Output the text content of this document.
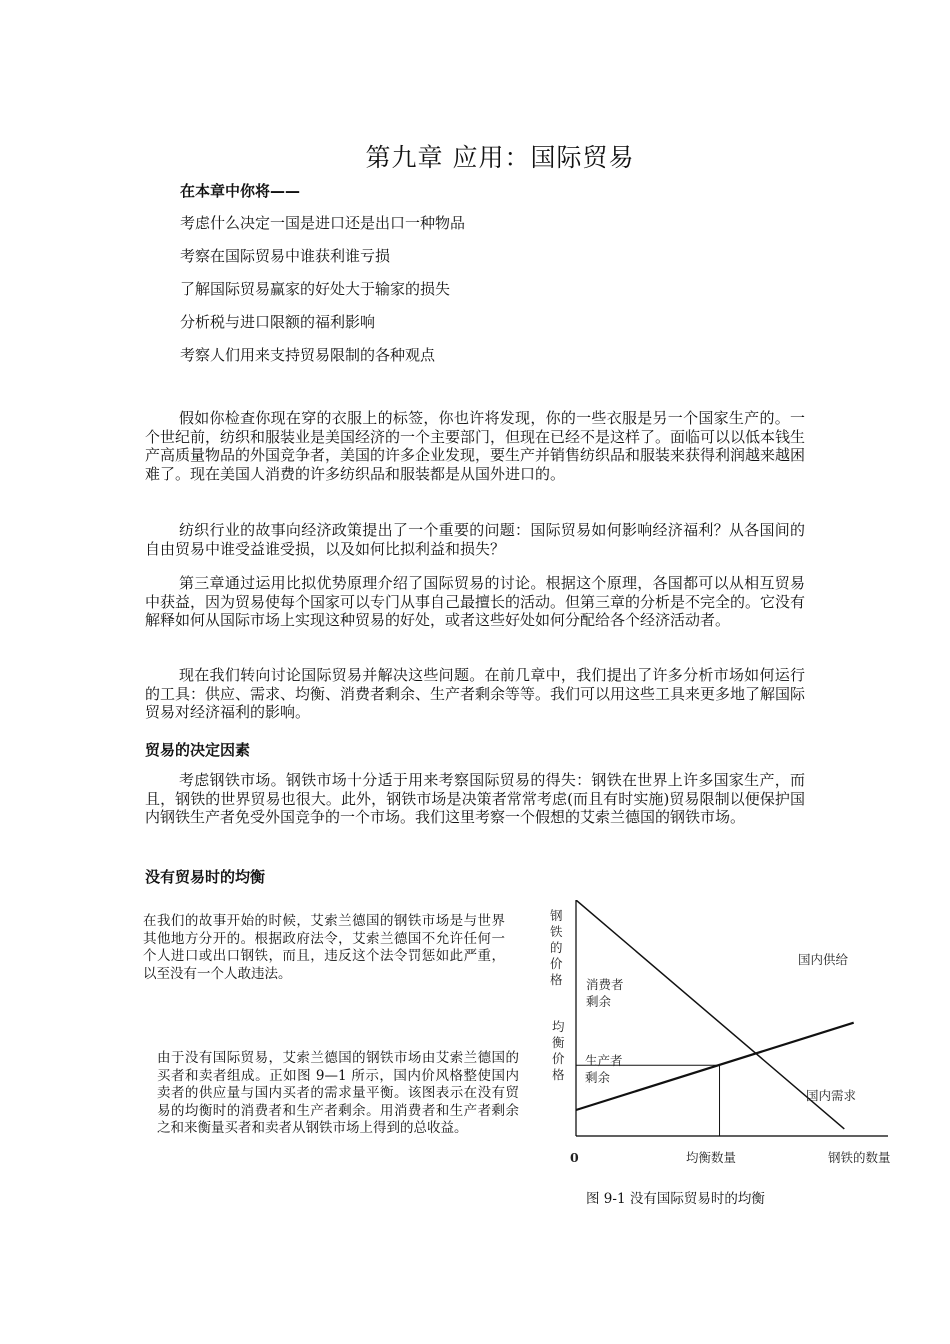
第九章 应用：国际贸易
在本章中你将——
考虑什么决定一国是进口还是出口一种物品
考察在国际贸易中谁获利谁亏损
了解国际贸易赢家的好处大于输家的损失
分析税与进口限额的福利影响
考察人们用来支持贸易限制的各种观点

假如你检查你现在穿的衣服上的标签，你也许将发现，你的一些衣服是另一个国家生产的。一个世纪前，纺织和服装业是美国经济的一个主要部门，但现在已经不是这样了。面临可以以低本钱生产高质量物品的外国竞争者，美国的许多企业发现，要生产并销售纺织品和服装来获得利润越来越困难了。现在美国人消费的许多纺织品和服装都是从国外进口的。

纺织行业的故事向经济政策提出了一个重要的问题：国际贸易如何影响经济福利？从各国间的自由贸易中谁受益谁受损，以及如何比拟利益和损失？

第三章通过运用比拟优势原理介绍了国际贸易的讨论。根据这个原理，各国都可以从相互贸易中获益，因为贸易使每个国家可以专门从事自己最擅长的活动。但第三章的分析是不完全的。它没有解释如何从国际市场上实现这种贸易的好处，或者这些好处如何分配给各个经济活动者。

现在我们转向讨论国际贸易并解决这些问题。在前几章中，我们提出了许多分析市场如何运行的工具：供应、需求、均衡、消费者剩余、生产者剩余等等。我们可以用这些工具来更多地了解国际贸易对经济福利的影响。

贸易的决定因素

考虑钢铁市场。钢铁市场十分适于用来考察国际贸易的得失：钢铁在世界上许多国家生产，而且，钢铁的世界贸易也很大。此外，钢铁市场是决策者常常考虑(而且有时实施)贸易限制以便保护国内钢铁生产者免受外国竞争的一个市场。我们这里考察一个假想的艾索兰德国的钢铁市场。

没有贸易时的均衡
在我们的故事开始的时候，艾索兰德国的钢铁市场是与世界其他地方分开的。根据政府法令，艾索兰德国不允许任何一个人进口或出口钢铁，而且，违反这个法令罚惩如此严重，以至没有一个人敢违法。
由于没有国际贸易，艾索兰德国的钢铁市场由艾索兰德国的买者和卖者组成。正如图 9—1 所示，国内价风格整使国内卖者的供应量与国内买者的需求量平衡。该图表示在没有贸易的均衡时的消费者和生产者剩余。用消费者和生产者剩余之和来衡量买者和卖者从钢铁市场上得到的总收益。
钢
铁
的
价
格
均
衡
价
格
0	均衡数量	钢铁的数量
国内供给
国内需求
消费者
剩余
生产者
剩余
图 9-1 没有国际贸易时的均衡
